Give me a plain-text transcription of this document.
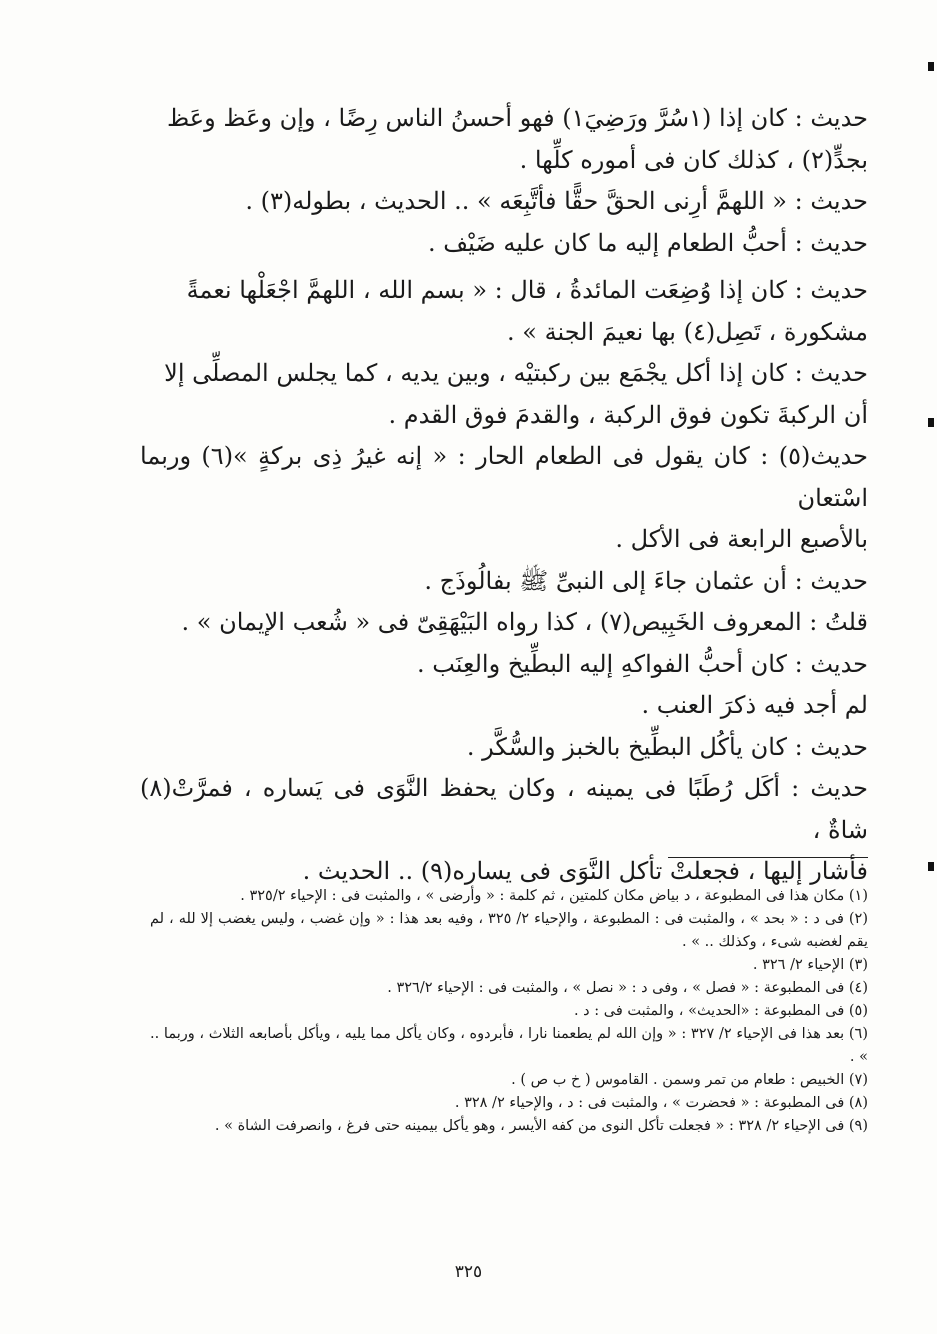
حديث : كان إذا (١سُرَّ ورَضِيَ١) فهو أحسنُ الناس رِضًا ، وإن وعَظ وعَظ
بجدٍّ(٢) ، كذلك كان فى أموره كلِّها .
حديث : « اللهمَّ أرِنى الحقَّ حقًّا فأتَّبِعَه » .. الحديث ، بطوله(٣) .
حديث : أحبُّ الطعام إليه ما كان عليه ضَيْف .
حديث : كان إذا وُضِعَت المائدةُ ، قال : « بسم الله ، اللهمَّ اجْعَلْها نعمةً
مشكورة ، تَصِل(٤) بها نعيمَ الجنة » .
حديث : كان إذا أكل يجْمَع بين ركبتيْه ، وبين يديه ، كما يجلس المصلِّى إلا
أن الركبةَ تكون فوق الركبة ، والقدمَ فوق القدم .
حديث(٥) : كان يقول فى الطعام الحار : « إنه غيرُ ذِى بركةٍ »(٦) وربما اسْتعان
بالأصبع الرابعة فى الأكل .
حديث : أن عثمان جاءَ إلى النبىِّ ﷺ بفالُوذَج .
قلتُ : المعروف الخَبِيص(٧) ، كذا رواه البَيْهَقِىّ فى « شُعب الإيمان » .
حديث : كان أحبُّ الفواكهِ إليه البطِّيخ والعِنَب .
لم أجد فيه ذكرَ العنب .
حديث : كان يأكُل البطِّيخ بالخبز والسُّكَّر .
حديث : أكَل رُطَبًا فى يمينه ، وكان يحفظ النَّوَى فى يَساره ، فمرَّتْ(٨) شاةٌ ،
فأشار إليها ، فجعلتْ تأكل النَّوَى فى يساره(٩) .. الحديث .
(١) مكان هذا فى المطبوعة ، د بياض مكان كلمتين ، ثم كلمة : « وأرضى » ، والمثبت فى : الإحياء ٣٢٥/٢ .
(٢) فى د : « بحد » ، والمثبت فى : المطبوعة ، والإحياء ٢/ ٣٢٥ ، وفيه بعد هذا : « وإن غضب ، وليس يغضب إلا لله ، لم يقم لغضبه شىء ، وكذلك .. » .
(٣) الإحياء ٢/ ٣٢٦ .
(٤) فى المطبوعة : « فصل » ، وفى د : « نصل » ، والمثبت فى : الإحياء ٣٢٦/٢ .
(٥) فى المطبوعة : «الحديث» ، والمثبت فى : د .
(٦) بعد هذا فى الإحياء ٢/ ٣٢٧ : « وإن الله لم يطعمنا نارا ، فأبردوه ، وكان يأكل مما يليه ، ويأكل بأصابعه الثلاث ، وربما .. » .
(٧) الخبيص : طعام من تمر وسمن . القاموس ( خ ب ص ) .
(٨) فى المطبوعة : « فحضرت » ، والمثبت فى : د ، والإحياء ٢/ ٣٢٨ .
(٩) فى الإحياء ٢/ ٣٢٨ : « فجعلت تأكل النوى من كفه الأيسر ، وهو يأكل بيمينه حتى فرغ ، وانصرفت الشاة » .
٣٢٥
